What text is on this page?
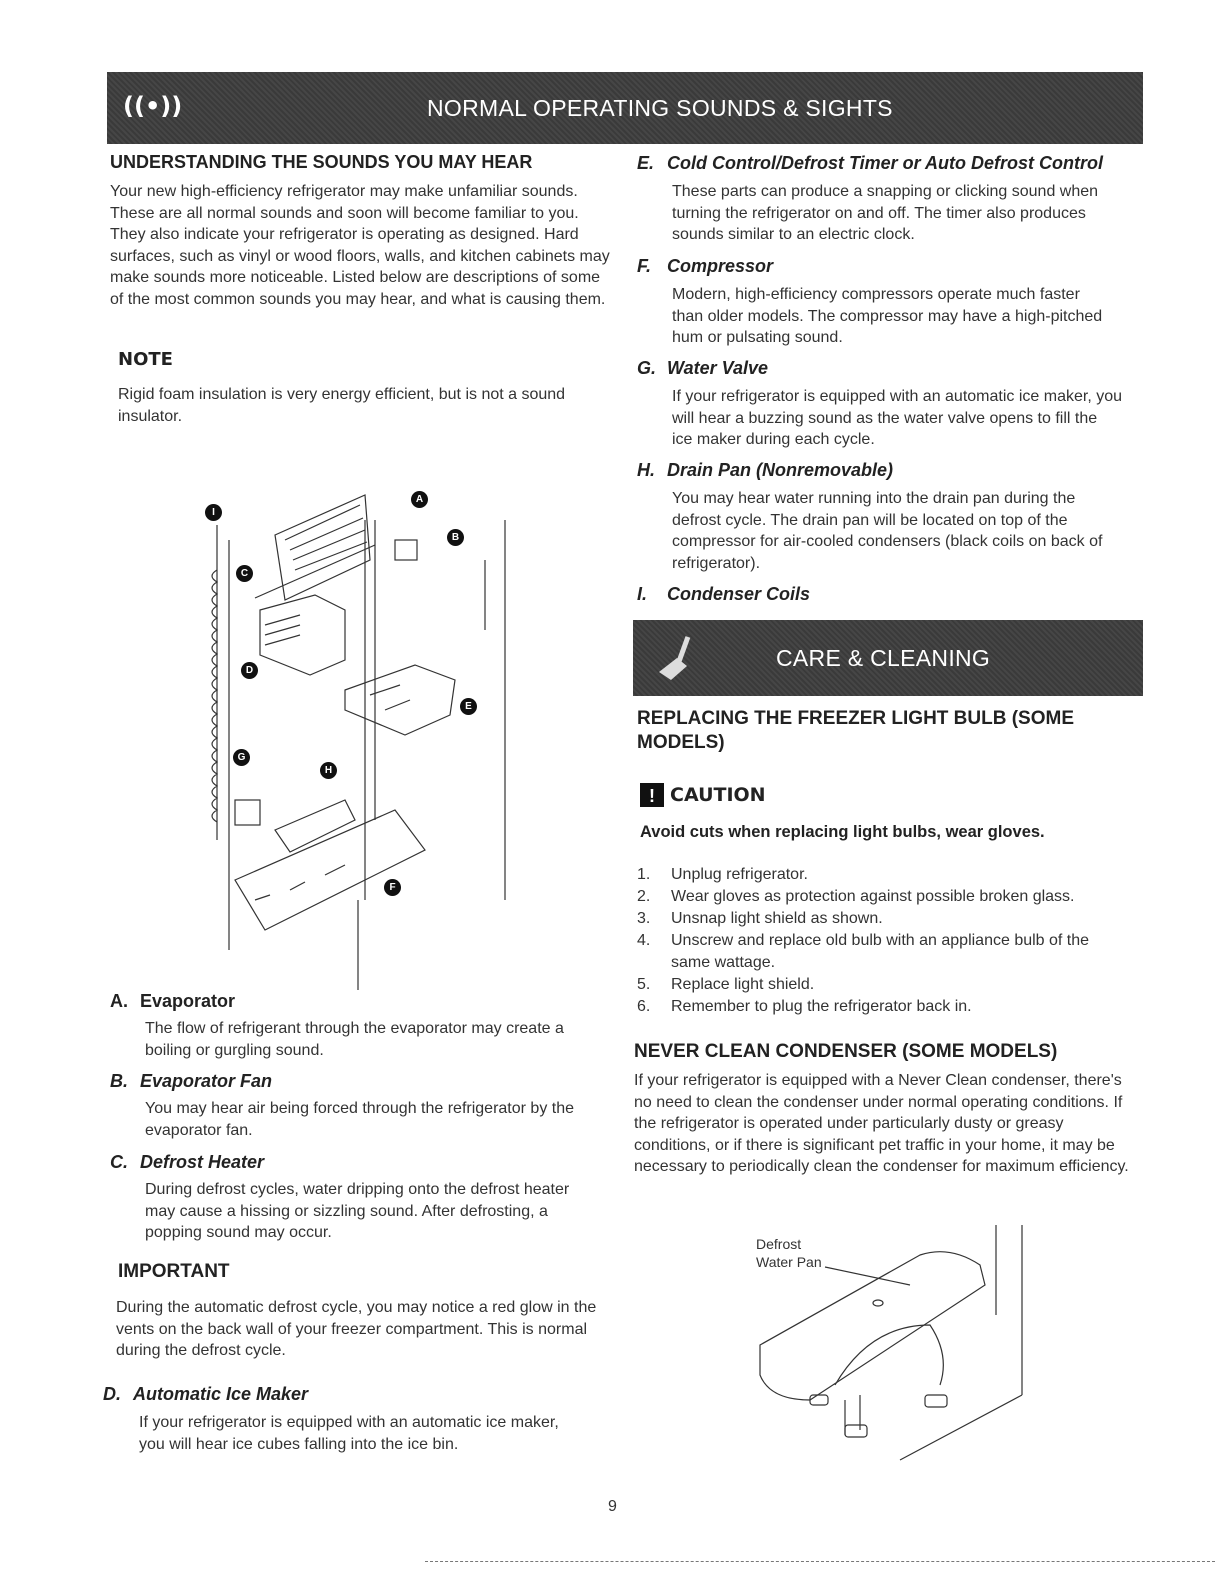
((•))	NORMAL OPERATING SOUNDS & SIGHTS
UNDERSTANDING THE SOUNDS YOU MAY HEAR
Your new high-efficiency refrigerator may make unfamiliar sounds. These are all normal sounds and soon will become familiar to you. They also indicate your refrigerator is operating as designed. Hard surfaces, such as vinyl or wood floors, walls, and kitchen cabinets may make sounds more noticeable. Listed below are descriptions of some of the most common sounds you may hear, and what is causing them.
NOTE
Rigid foam insulation is very energy efficient, but is not a sound insulator.
I
A
B
C
D
E
G
H
F
A. Evaporator
The flow of refrigerant through the evaporator may create a boiling or gurgling sound.
B. Evaporator Fan
You may hear air being forced through the refrigerator by the evaporator fan.
C. Defrost Heater
During defrost cycles, water dripping onto the defrost heater may cause a hissing or sizzling sound. After defrosting, a popping sound may occur.
IMPORTANT
During the automatic defrost cycle, you may notice a red glow in the vents on the back wall of your freezer compartment. This is normal during the defrost cycle.
D. Automatic Ice Maker
If your refrigerator is equipped with an automatic ice maker, you will hear ice cubes falling into the ice bin.
E. Cold Control/Defrost Timer or Auto Defrost Control
These parts can produce a snapping or clicking sound when turning the refrigerator on and off. The timer also produces sounds similar to an electric clock.
F. Compressor
Modern, high-efficiency compressors operate much faster than older models. The compressor may have a high-pitched hum or pulsating sound.
G. Water Valve
If your refrigerator is equipped with an automatic ice maker, you will hear a buzzing sound as the water valve opens to fill the ice maker during each cycle.
H. Drain Pan (Nonremovable)
You may hear water running into the drain pan during the defrost cycle. The drain pan will be located on top of the compressor for air-cooled condensers (black coils on back of refrigerator).
I. Condenser Coils
CARE & CLEANING
REPLACING THE FREEZER LIGHT BULB (SOME MODELS)
! CAUTION
Avoid cuts when replacing light bulbs, wear gloves.
1.	Unplug refrigerator.
2.	Wear gloves as protection against possible broken glass.
3.	Unsnap light shield as shown.
4.	Unscrew and replace old bulb with an appliance bulb of the same wattage.
5.	Replace light shield.
6.	Remember to plug the refrigerator back in.
NEVER CLEAN CONDENSER (SOME MODELS)
If your refrigerator is equipped with a Never Clean condenser, there's no need to clean the condenser under normal operating conditions. If the refrigerator is operated under particularly dusty or greasy conditions, or if there is significant pet traffic in your home, it may be necessary to periodically clean the condenser for maximum efficiency.
Defrost
Water Pan
9
